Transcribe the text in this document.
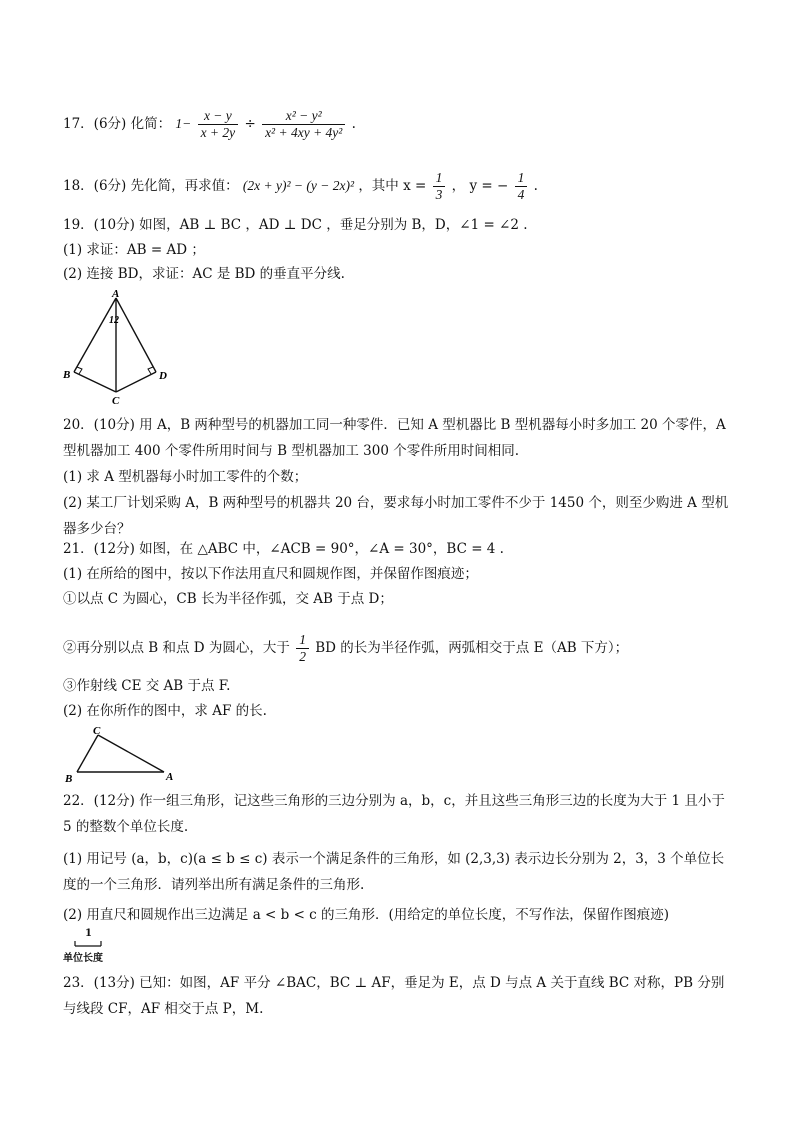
17．(6分) 化简： $1- \frac{x - y}{x + 2y} \div \frac{\text{x² − y²}}{\text{x² + 4xy + 4y²}}$ .
18．(6分) 先化简，再求值： (2x + y)² − (y − 2x)² ，其中 $x = \frac{1}{3}$ ， y = − $\frac{1}{4}$ .
19．(10分) 如图，AB ⊥ BC ，AD ⊥ DC ，垂足分别为 B，D，∠1 = ∠2 .
(1) 求证：AB = AD ；
(2) 连接 BD，求证：AC 是 BD 的垂直平分线.
A
12
B	D
C
20．(10分) 用 A，B 两种型号的机器加工同一种零件．已知 A 型机器比 B 型机器每小时多加工 20 个零件，A 型机器加工 400 个零件所用时间与 B 型机器加工 300 个零件所用时间相同.
(1) 求 A 型机器每小时加工零件的个数；
(2) 某工厂计划采购 A，B 两种型号的机器共 20 台，要求每小时加工零件不少于 1450 个，则至少购进 A 型机器多少台？
21．(12分) 如图，在 △ABC 中，∠ACB = 90°，∠A = 30°，BC = 4 .
(1) 在所给的图中，按以下作法用直尺和圆规作图，并保留作图痕迹；
①以点 C 为圆心，CB 长为半径作弧，交 AB 于点 D；
②再分别以点 B 和点 D 为圆心，大于 $\frac{1}{2}$ BD 的长为半径作弧，两弧相交于点 E（AB 下方）；
③作射线 CE 交 AB 于点 F.
(2) 在你所作的图中，求 AF 的长.
C
B	A
22．(12分) 作一组三角形，记这些三角形的三边分别为 a，b，c，并且这些三角形三边的长度为大于 1 且小于 5 的整数个单位长度.
(1) 用记号 (a，b，c)(a ≤ b ≤ c) 表示一个满足条件的三角形，如 (2,3,3) 表示边长分别为 2，3，3 个单位长度的一个三角形．请列举出所有满足条件的三角形.
(2) 用直尺和圆规作出三边满足 a < b < c 的三角形．(用给定的单位长度，不写作法，保留作图痕迹)
1
单位长度
23．(13分) 已知：如图，AF 平分 ∠BAC，BC ⊥ AF，垂足为 E，点 D 与点 A 关于直线 BC 对称，PB 分别与线段 CF，AF 相交于点 P，M.
